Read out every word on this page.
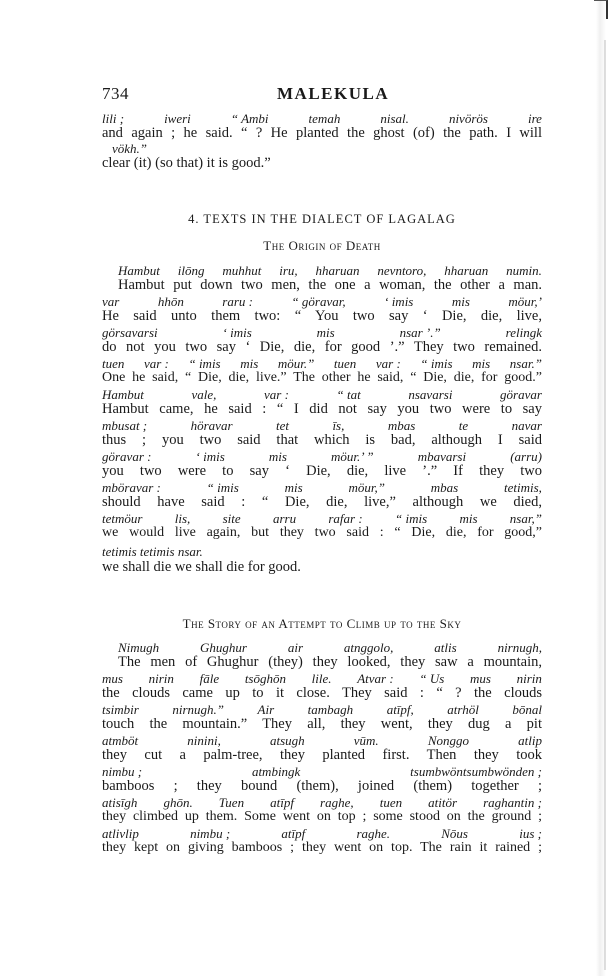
734	MALEKULA
lili ;	iweri	“ Ambi	temah	nisal.	nivörös	ire
and again ; he said. “ ? He planted the ghost (of) the path. I will
vökh.”
clear (it) (so that) it is good.”
4. TEXTS IN THE DIALECT OF LAGALAG
The Origin of Death
Hambut ilōng muhhut iru, hharuan nevntoro, hharuan numin.
Hambut put down two men, the one a woman, the other a man.
var	hhōn	raru :	“ göravar,	‘ imis	mis	möur,’
He said unto them two: “ You two say ‘ Die, die, live,
görsavarsi	‘ imis	mis	nsar ’.”	relingk
do not you two say ‘ Die, die, for good ’.” They two remained.
tuen var : “ imis mis möur.” tuen var : “ imis mis nsar.”
One he said, “ Die, die, live.” The other he said, “ Die, die, for good.”
Hambut	vale,	var :	“ tat	nsavarsi	göravar
Hambut came, he said : “ I did not say you two were to say
mbusat ;	höravar	tet	īs,	mbas	te	navar
thus ; you two said that which is bad, although I said
göravar :	‘ imis	mis	möur.’ ”	mbavarsi	(arru)
you two were to say ‘ Die, die, live ’.” If they two
mböravar :	“ imis	mis	möur,”	mbas	tetimis,
should have said : “ Die, die, live,” although we died,
tetmöur lis, site arru rafar : “ imis mis nsar,”
we would live again, but they two said : “ Die, die, for good,”
tetimis tetimis nsar.
we shall die we shall die for good.
The Story of an Attempt to Climb up to the Sky
Nimugh	Ghughur	air	atnggolo,	atlis	nirnugh,
The men of Ghughur (they) they looked, they saw a mountain,
mus nirin fāle tsōghōn lile. Atvar : “ Us mus nirin
the clouds came up to it close. They said : “ ? the clouds
tsimbir	nirnugh.”	Air	tambagh	atīpf,	atrhöl	bōnal
touch the mountain.” They all, they went, they dug a pit
atmböt	ninini,	atsugh	vūm.	Nonggo	atlip
they cut a palm-tree, they planted first. Then they took
nimbu ;	atmbingk	tsumbwöntsumbwönden ;
bamboos ; they bound (them), joined (them) together ;
atisīgh ghōn. Tuen atīpf raghe, tuen atitör raghantin ;
they climbed up them. Some went on top ; some stood on the ground ;
atlivlip	nimbu ;	atīpf	raghe.	Nōus	ius ;
they kept on giving bamboos ; they went on top. The rain it rained ;
